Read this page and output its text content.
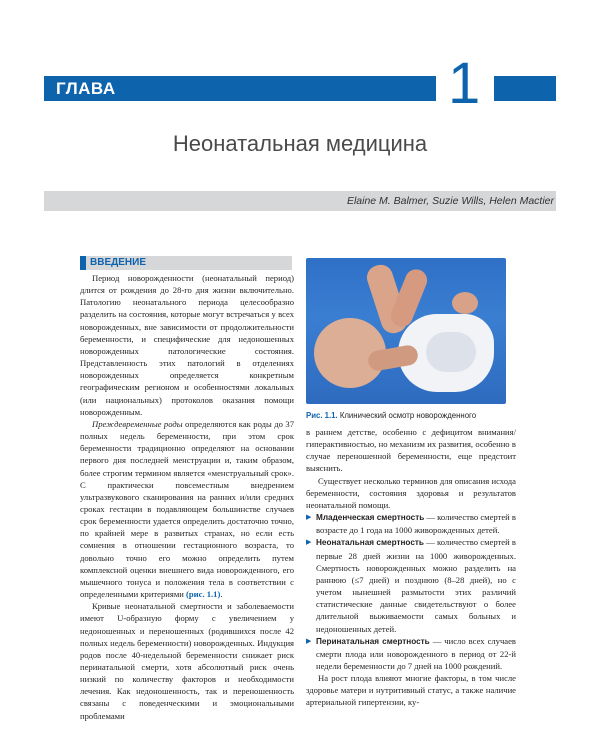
ГЛАВА	1
Неонатальная медицина
Elaine M. Balmer, Suzie Wills, Helen Mactier
ВВЕДЕНИЕ

Период новорожденности (неонатальный период) длится от рождения до 28-го дня жизни включительно. Патологию неонатального периода целесообразно разделить на состояния, которые могут встречаться у всех новорожденных, вне зависимости от продолжительности беременности, и специфические для недоношенных новорожденных патологические состояния. Представленность этих патологий в отделениях новорожденных определяется конкретным географическим регионом и особенностями локальных (или национальных) протоколов оказания помощи новорожденным.

Преждевременные роды определяются как роды до 37 полных недель беременности, при этом срок беременности традиционно определяют на основании первого дня последней менструации и, таким образом, более строгим термином является «менструальный срок». С практически повсеместным внедрением ультразвукового сканирования на ранних и/или средних сроках гестации в подавляющем большинстве случаев срок беременности удается определить достаточно точно, по крайней мере в развитых странах, но если есть сомнения в отношении гестационного возраста, то довольно точно его можно определить путем комплексной оценки внешнего вида новорожденного, его мышечного тонуса и положения тела в соответствии с определенными критериями (рис. 1.1).

Кривые неонатальной смертности и заболеваемости имеют U-образную форму с увеличением у недоношенных и переношенных (родившихся после 42 полных недель беременности) новорожденных. Индукция родов после 40-недельной беременности снижает риск перинатальной смерти, хотя абсолютный риск очень низкий по количеству факторов и необходимости лечения. Как недоношенность, так и переношенность связаны с поведенческими и эмоциональными проблемами

Рис. 1.1. Клинический осмотр новорожденного

в раннем детстве, особенно с дефицитом внимания/гиперактивностью, но механизм их развития, особенно в случае переношенной беременности, еще предстоит выяснить.

Существует несколько терминов для описания исхода беременности, состояния здоровья и результатов неонатальной помощи.

▶ Младенческая смертность — количество смертей в возрасте до 1 года на 1000 живорожденных детей.
▶ Неонатальная смертность — количество смертей в первые 28 дней жизни на 1000 живорожденных. Смертность новорожденных можно разделить на раннюю (≤7 дней) и позднюю (8–28 дней), но с учетом нынешней размытости этих различий статистические данные свидетельствуют о более длительной выживаемости самых больных и недоношенных детей.
▶ Перинатальная смертность — число всех случаев смерти плода или новорожденного в период от 22-й недели беременности до 7 дней на 1000 рождений.

На рост плода влияют многие факторы, в том числе здоровье матери и нутритивный статус, а также наличие артериальной гипертензии, ку-
